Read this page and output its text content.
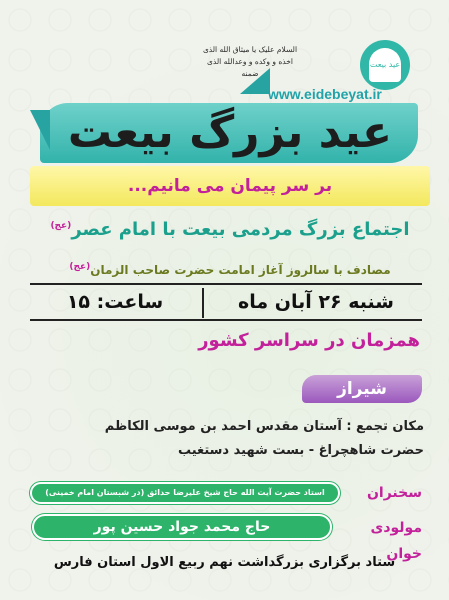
السلام علیک یا میثاق الله الذی اخذه و وکده و وعدالله الذی ضمنه
عید بیعت
www.eidebeyat.ir
عید بزرگ بیعت
بر سر پیمان می مانیم...
اجتماع بزرگ مردمی بیعت با امام عصر$^{(عج)}$
مصادف با سالروز آغاز امامت حضرت صاحب الزمان$^{(عج)}$
شنبه ۲۶ آبان ماه
ساعت: ۱۵
همزمان در سراسر کشور
شیراز
مکان تجمع : آستان مقدس احمد بن موسی الکاظم
حضرت شاهچراغ - بست شهید دستغیب
سخنران
استاد حضرت آیت الله حاج شیخ علیرضا حدائق (در شبستان امام خمینی)
مولودی خوان
حاج محمد جواد حسین پور
ستاد برگزاری بزرگداشت نهم ربیع الاول استان فارس
